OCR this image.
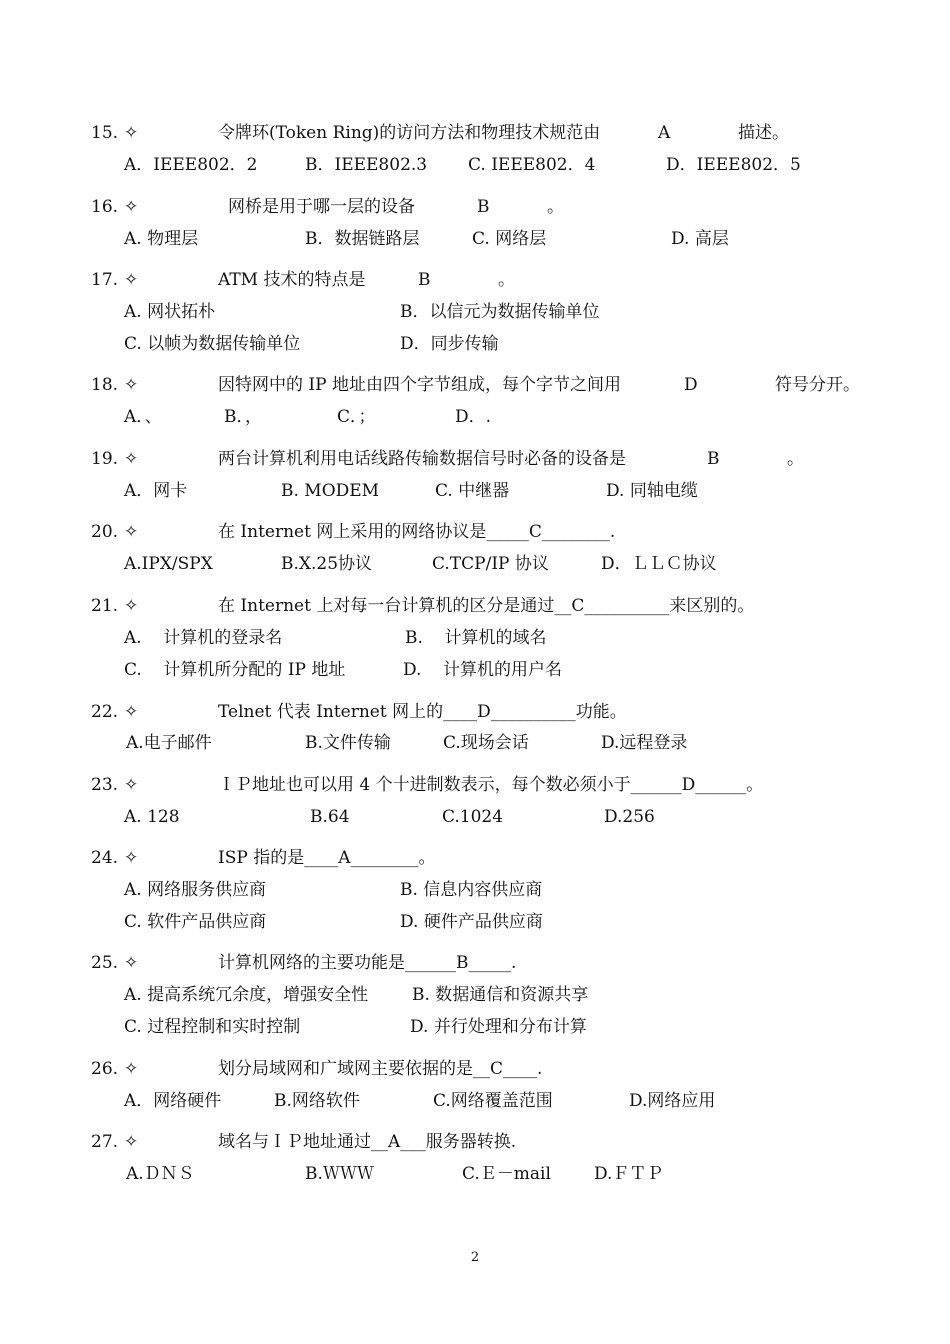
15.

✧

	令牌环(Token Ring)的访问方法和物理技术规范由

	A

	描述。

A．IEEE802．2

	B．IEEE802.3

C. IEEE802．4

	D．IEEE802．5

16.

✧

	网桥是用于哪一层的设备

	B

	。

A. 物理层

	B．数据链路层

	C. 网络层

	D. 高层

17.

✧

	ATM 技术的特点是

	B

	。

A. 网状拓朴

	B．以信元为数据传输单位

C. 以帧为数据传输单位

	D．同步传输

18.

✧

	因特网中的 IP 地址由四个字节组成，每个字节之间用

	D

	符号分开。

A．、

	B．，

	C．；

	D．.

19.

✧

	两台计算机利用电话线路传输数据信号时必备的设备是

	B

	。

A．网卡

	B. MODEM

	C. 中继器

	D. 同轴电缆

20.

✧

	在 Internet 网上采用的网络协议是_____C________.

A.IPX/SPX

	B.X.25协议

	C.TCP/IP 协议

	D．ＬＬＣ协议

21.

✧

	在 Internet 上对每一台计算机的区分是通过__C__________来区别的。

A.    计算机的登录名

	B.    计算机的域名

C.    计算机所分配的 IP 地址

	D.    计算机的用户名

22.

✧

	Telnet 代表 Internet 网上的____D__________功能。

A.电子邮件

	B.文件传输

	C.现场会话

	D.远程登录

23.

✧

	ＩＰ地址也可以用 4 个十进制数表示，每个数必须小于______D______。

A. 128

	B.64

	C.1024

	D.256

24.

✧

	ISP 指的是____A________。

A. 网络服务供应商

	B. 信息内容供应商

C. 软件产品供应商

	D. 硬件产品供应商

25.

✧

	计算机网络的主要功能是______B_____.

A. 提高系统冗余度，增强安全性

	B. 数据通信和资源共享

C. 过程控制和实时控制

	D. 并行处理和分布计算

26.

✧

	划分局域网和广域网主要依据的是__C____.

A．网络硬件

	B.网络软件

	C.网络覆盖范围

	D.网络应用

27.

✧

	域名与ＩＰ地址通过__A___服务器转换.

A.ＤＮＳ

	B.ＷＷＷ

	C.Ｅ－mail

	D.ＦＴＰ

2
